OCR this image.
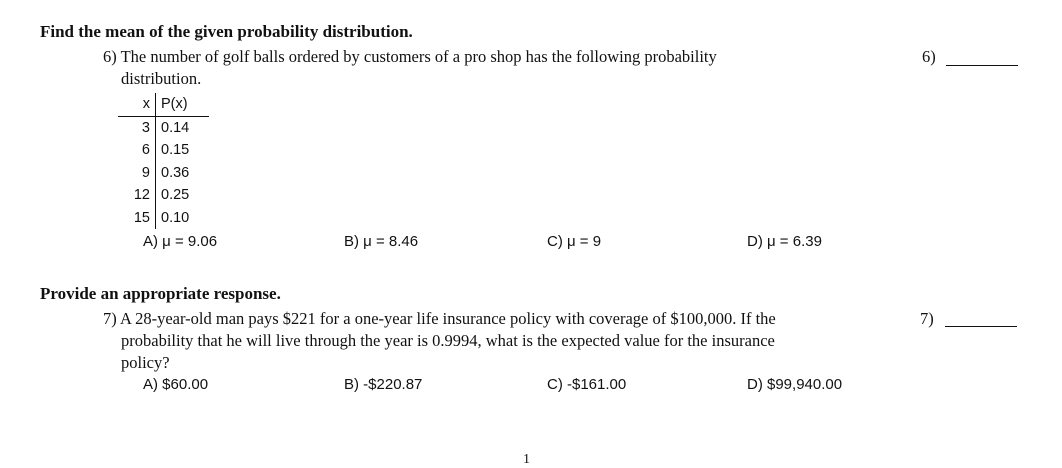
Find the mean of the given probability distribution.
6) The number of golf balls ordered by customers of a pro shop has the following probability
distribution.
6)
x	P(x)
3	0.14
6	0.15
9	0.36
12	0.25
15	0.10
A) μ = 9.06	B) μ = 8.46	C) μ = 9	D) μ = 6.39
Provide an appropriate response.
7) A 28-year-old man pays $221 for a one-year life insurance policy with coverage of $100,000. If the
probability that he will live through the year is 0.9994, what is the expected value for the insurance
policy?
7)
A) $60.00	B) -$220.87	C) -$161.00	D) $99,940.00
1
